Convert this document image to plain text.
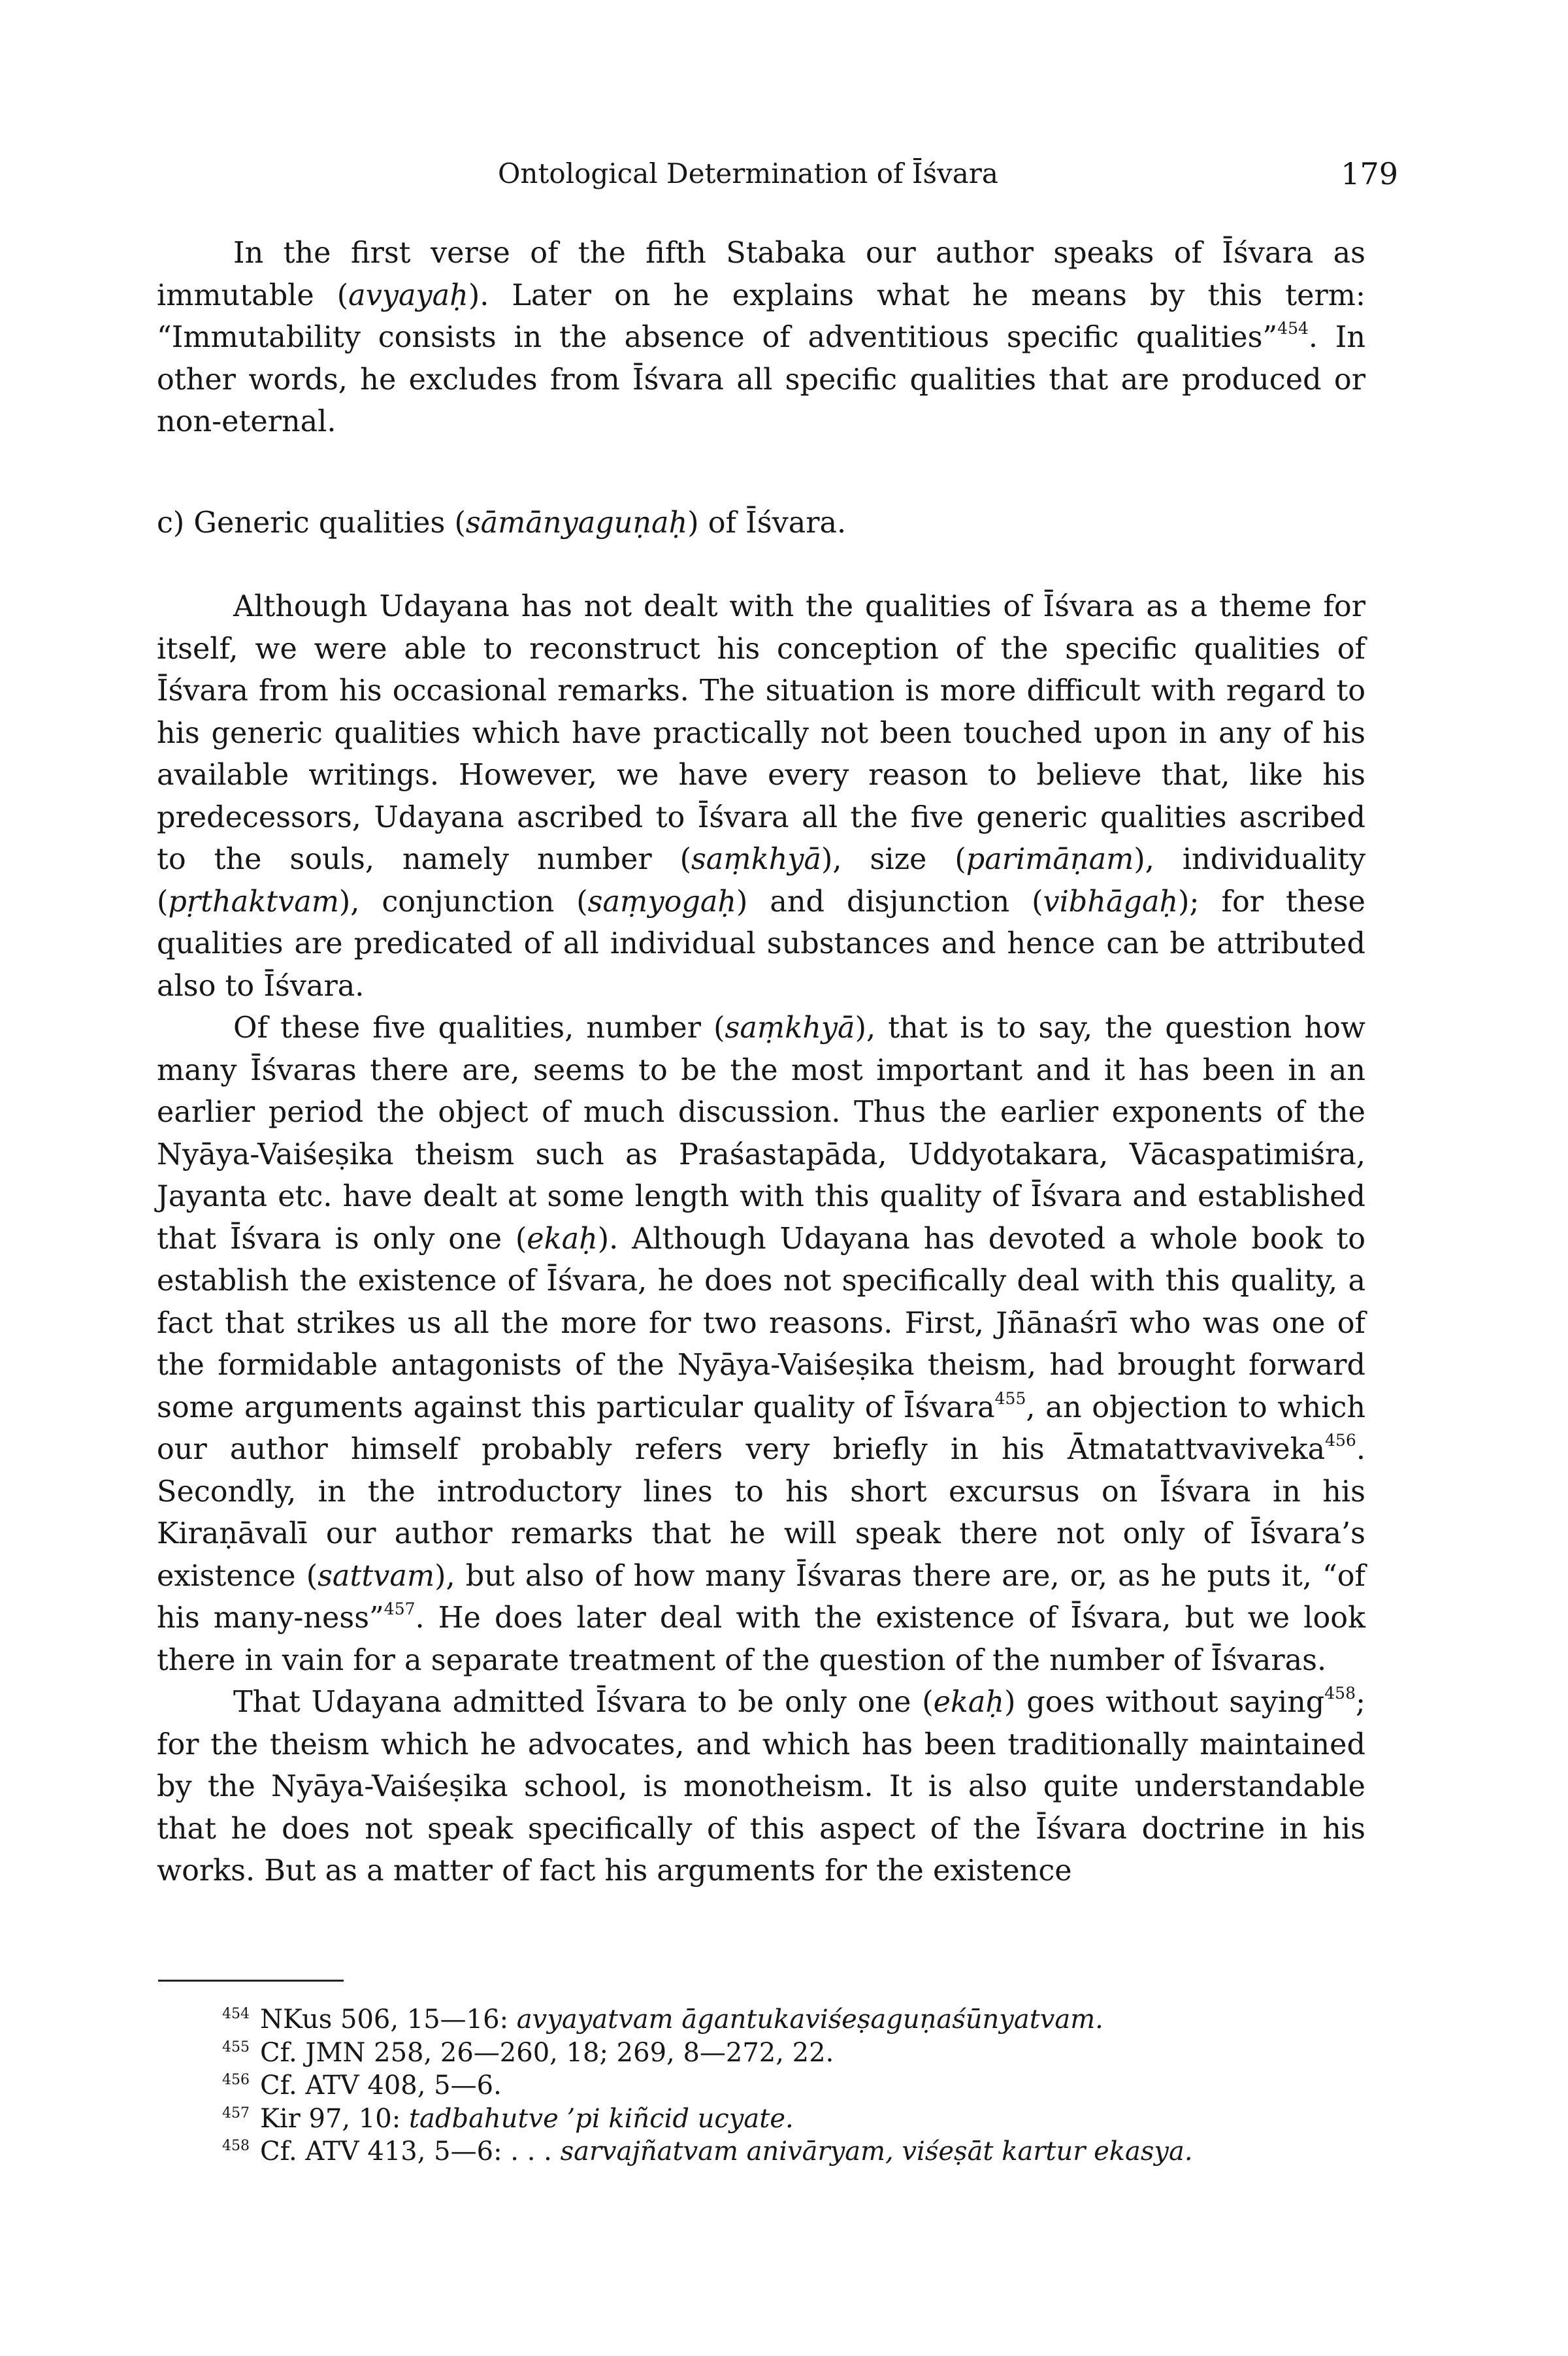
Ontological Determination of Īśvara	179

In the first verse of the fifth Stabaka our author speaks of Īśvara as immutable (avyayaḥ). Later on he explains what he means by this term: “Immutability consists in the absence of adventitious specific qualities”$^{454}$. In other words, he excludes from Īśvara all specific qualities that are produced or non-eternal.

c) Generic qualities (sāmānyaguṇaḥ) of Īśvara.

Although Udayana has not dealt with the qualities of Īśvara as a theme for itself, we were able to reconstruct his conception of the specific qualities of Īśvara from his occasional remarks. The situation is more difficult with regard to his generic qualities which have practically not been touched upon in any of his available writings. However, we have every reason to believe that, like his predecessors, Udayana ascribed to Īśvara all the five generic qualities ascribed to the souls, namely number (saṃkhyā), size (parimāṇam), individuality (pṛthaktvam), conjunction (saṃyogaḥ) and disjunction (vibhāgaḥ); for these qualities are predicated of all individual substances and hence can be attributed also to Īśvara.

Of these five qualities, number (saṃkhyā), that is to say, the question how many Īśvaras there are, seems to be the most important and it has been in an earlier period the object of much discussion. Thus the earlier exponents of the Nyāya-Vaiśeṣika theism such as Praśastapāda, Uddyotakara, Vācaspatimiśra, Jayanta etc. have dealt at some length with this quality of Īśvara and established that Īśvara is only one (ekaḥ). Although Udayana has devoted a whole book to establish the existence of Īśvara, he does not specifically deal with this quality, a fact that strikes us all the more for two reasons. First, Jñānaśrī who was one of the formidable antagonists of the Nyāya-Vaiśeṣika theism, had brought forward some arguments against this particular quality of Īśvara$^{455}$, an objection to which our author himself probably refers very briefly in his Ātmatattvaviveka$^{456}$. Secondly, in the introductory lines to his short excursus on Īśvara in his Kiraṇāvalī our author remarks that he will speak there not only of Īśvara’s existence (sattvam), but also of how many Īśvaras there are, or, as he puts it, “of his many-ness”$^{457}$. He does later deal with the existence of Īśvara, but we look there in vain for a separate treatment of the question of the number of Īśvaras.

That Udayana admitted Īśvara to be only one (ekaḥ) goes without saying$^{458}$; for the theism which he advocates, and which has been traditionally maintained by the Nyāya-Vaiśeṣika school, is monotheism. It is also quite understandable that he does not speak specifically of this aspect of the Īśvara doctrine in his works. But as a matter of fact his arguments for the existence

$^{454}$ NKus 506, 15—16: avyayatvam āgantukaviśeṣaguṇaśūnyatvam.
$^{455}$ Cf. JMN 258, 26—260, 18; 269, 8—272, 22.
$^{456}$ Cf. ATV 408, 5—6.
$^{457}$ Kir 97, 10: tadbahutve ’pi kiñcid ucyate.
$^{458}$ Cf. ATV 413, 5—6: . . . sarvajñatvam anivāryam, viśeṣāt kartur ekasya.
